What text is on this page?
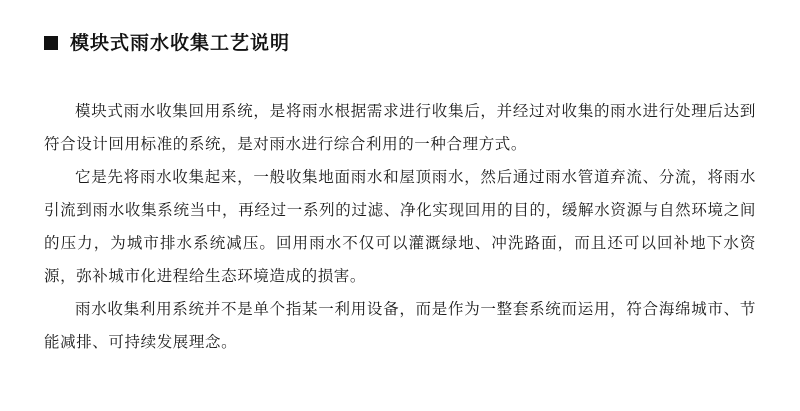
模块式雨水收集工艺说明

模块式雨水收集回用系统，是将雨水根据需求进行收集后，并经过对收集的雨水进行处理后达到符合设计回用标准的系统，是对雨水进行综合利用的一种合理方式。

它是先将雨水收集起来，一般收集地面雨水和屋顶雨水，然后通过雨水管道弃流、分流，将雨水引流到雨水收集系统当中，再经过一系列的过滤、净化实现回用的目的，缓解水资源与自然环境之间的压力，为城市排水系统减压。回用雨水不仅可以灌溉绿地、冲洗路面，而且还可以回补地下水资源，弥补城市化进程给生态环境造成的损害。

雨水收集利用系统并不是单个指某一利用设备，而是作为一整套系统而运用，符合海绵城市、节能减排、可持续发展理念。
